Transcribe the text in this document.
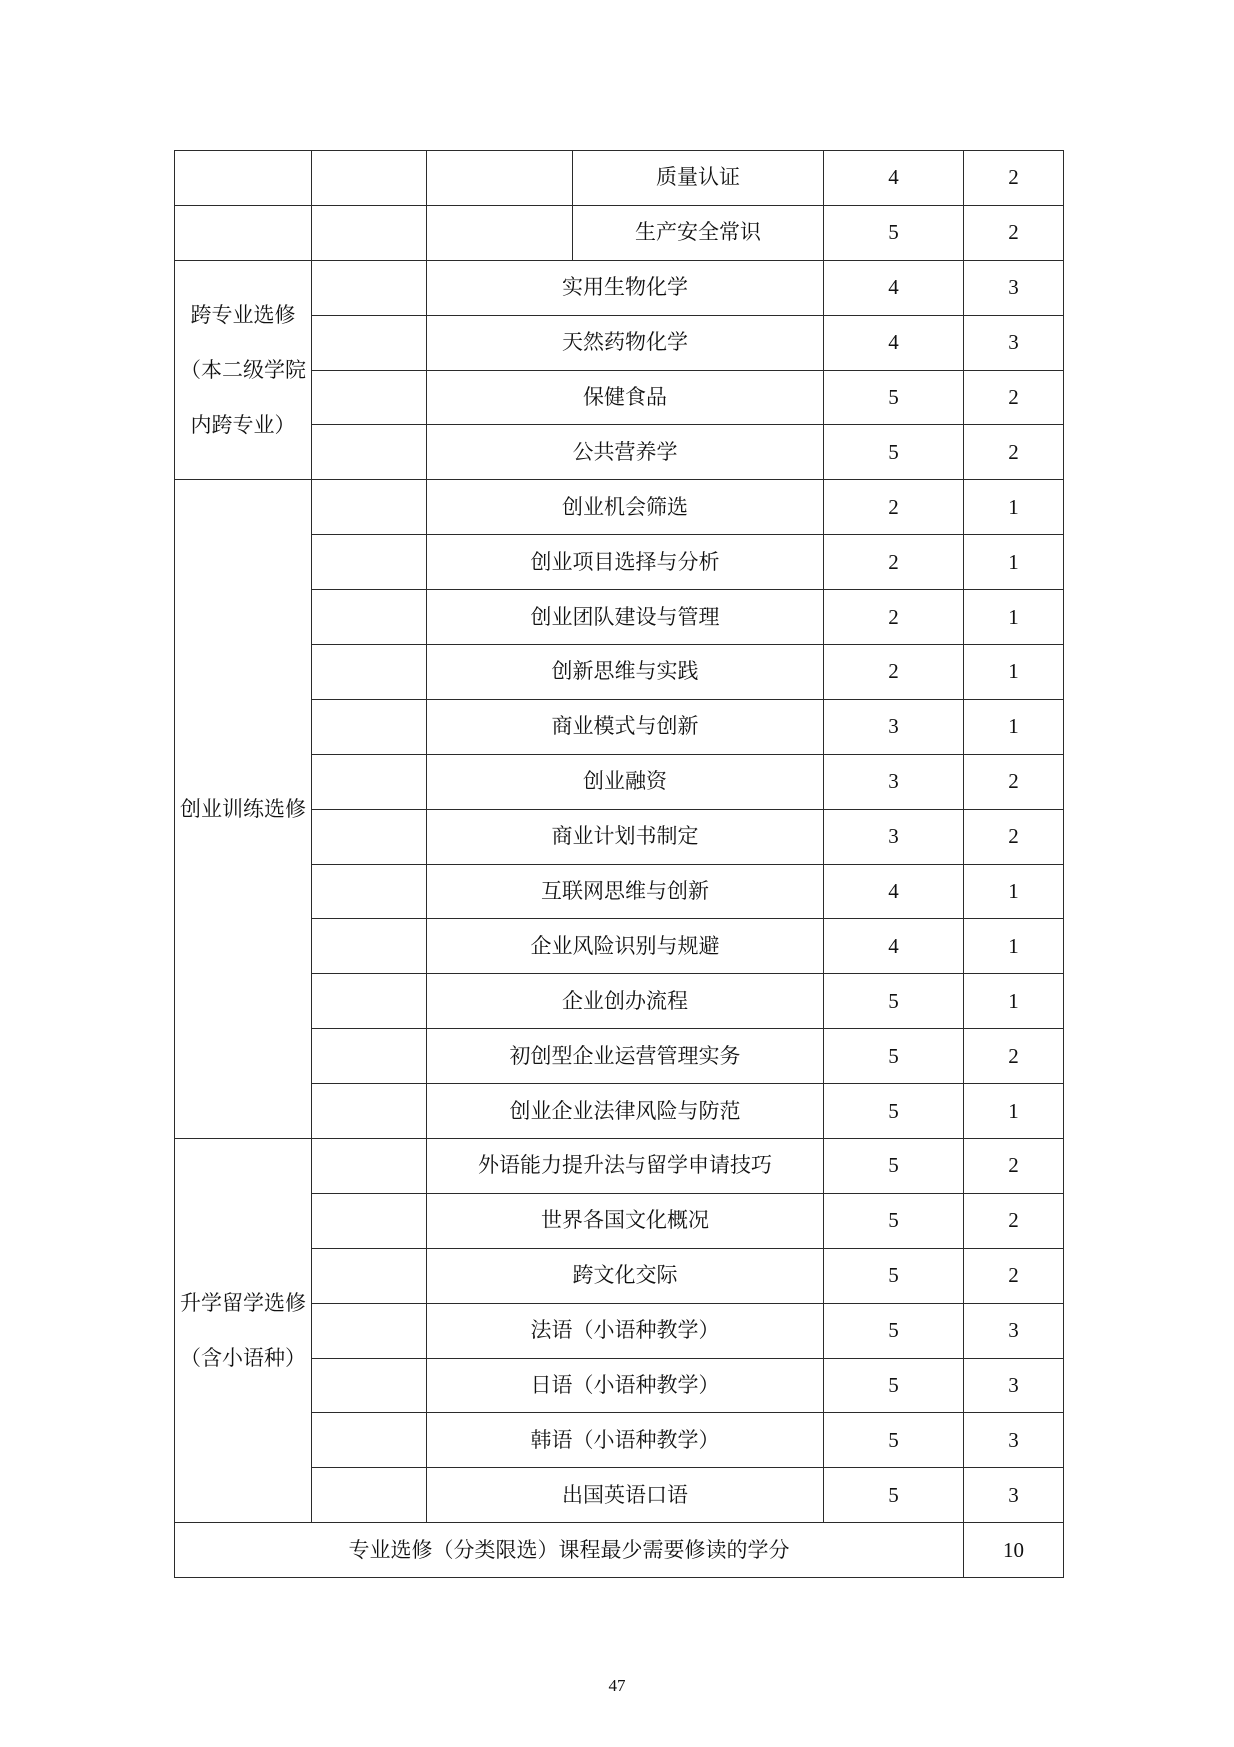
			质量认证	4	2
			生产安全常识	5	2

跨专业选修
（本二级学院
内跨专业）		实用生物化学		4	3
		天然药物化学		4	3
		保健食品		5	2
		公共营养学		5	2

创业训练选修		创业机会筛选		2	1
		创业项目选择与分析		2	1
		创业团队建设与管理		2	1
		创新思维与实践		2	1
		商业模式与创新		3	1
		创业融资		3	2
		商业计划书制定		3	2
		互联网思维与创新		4	1
		企业风险识别与规避		4	1
		企业创办流程		5	1
		初创型企业运营管理实务		5	2
		创业企业法律风险与防范		5	1

升学留学选修
（含小语种）		外语能力提升法与留学申请技巧		5	2
		世界各国文化概况		5	2
		跨文化交际		5	2
		法语（小语种教学）		5	3
		日语（小语种教学）		5	3
		韩语（小语种教学）		5	3
		出国英语口语		5	3
专业选修（分类限选）课程最少需要修读的学分					10
47
